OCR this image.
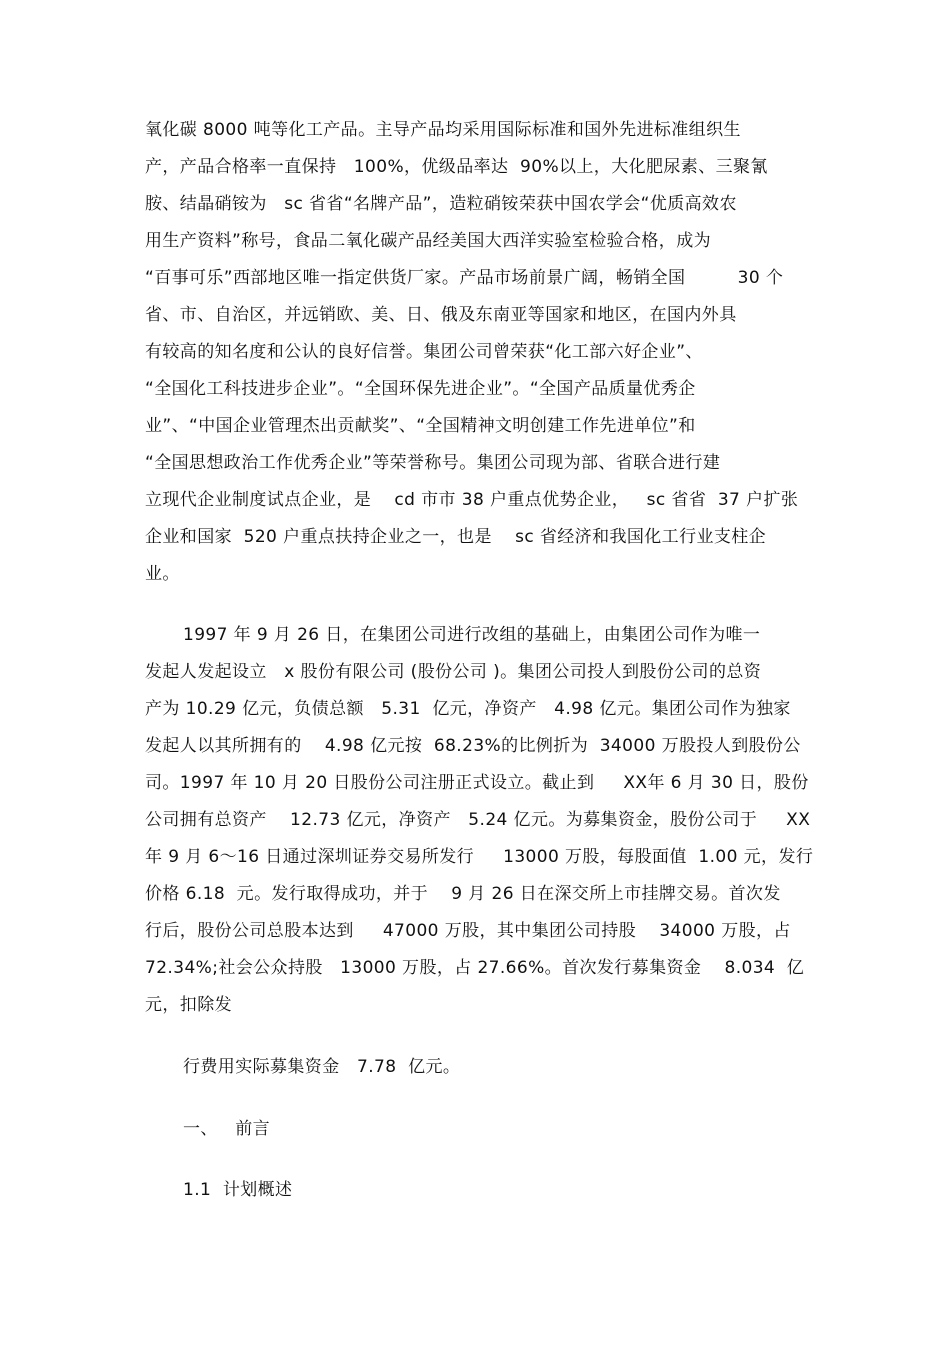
氧化碳 8000 吨等化工产品。主导产品均采用国际标准和国外先进标准组织生
产，产品合格率一直保持   100%，优级品率达  90%以上，大化肥尿素、三聚氰
胺、结晶硝铵为   sc 省省“名牌产品”，造粒硝铵荣获中国农学会“优质高效农
用生产资料”称号，食品二氧化碳产品经美国大西洋实验室检验合格，成为
“百事可乐”西部地区唯一指定供货厂家。产品市场前景广阔，畅销全国         30 个
省、市、自治区，并远销欧、美、日、俄及东南亚等国家和地区，在国内外具
有较高的知名度和公认的良好信誉。集团公司曾荣获“化工部六好企业”、
“全国化工科技进步企业”。“全国环保先进企业”。“全国产品质量优秀企
业”、“中国企业管理杰出贡献奖”、“全国精神文明创建工作先进单位”和
“全国思想政治工作优秀企业”等荣誉称号。集团公司现为部、省联合进行建
立现代企业制度试点企业，是    cd 市市 38 户重点优势企业，   sc 省省  37 户扩张
企业和国家  520 户重点扶持企业之一，也是    sc 省经济和我国化工行业支柱企
业。
1997 年 9 月 26 日，在集团公司进行改组的基础上，由集团公司作为唯一
发起人发起设立   x 股份有限公司 (股份公司 )。集团公司投人到股份公司的总资
产为 10.29 亿元，负债总额   5.31  亿元，净资产   4.98 亿元。集团公司作为独家
发起人以其所拥有的    4.98 亿元按  68.23%的比例折为  34000 万股投人到股份公
司。1997 年 10 月 20 日股份公司注册正式设立。截止到     XX年 6 月 30 日，股份
公司拥有总资产    12.73 亿元，净资产   5.24 亿元。为募集资金，股份公司于     XX
年 9 月 6～16 日通过深圳证券交易所发行     13000 万股，每股面值  1.00 元，发行
价格 6.18  元。发行取得成功，并于    9 月 26 日在深交所上市挂牌交易。首次发
行后，股份公司总股本达到     47000 万股，其中集团公司持股    34000 万股，占
72.34%;社会公众持股   13000 万股，占 27.66%。首次发行募集资金    8.034  亿
元，扣除发
行费用实际募集资金   7.78  亿元。
一、   前言
1.1  计划概述
